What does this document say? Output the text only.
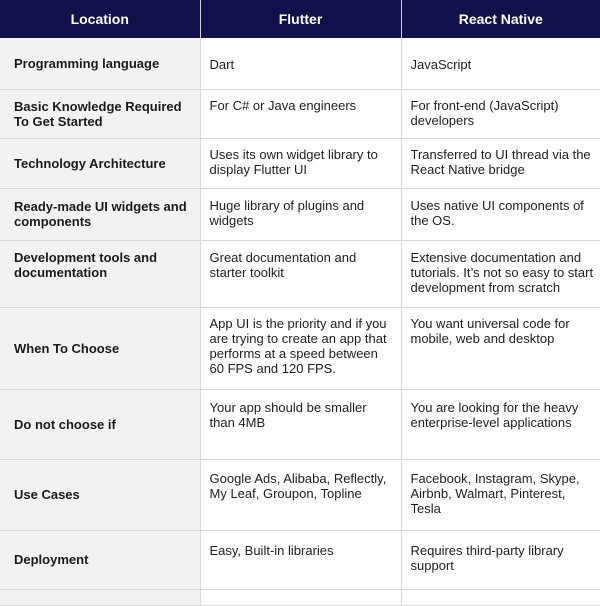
Location	Flutter	React Native
Programming language	Dart	JavaScript

Basic Knowledge Required To Get Started	For C# or Java engineers	For front-end (JavaScript) developers

Technology Architecture	Uses its own widget library to display Flutter UI	Transferred to UI thread via the React Native bridge

Ready-made UI widgets and components	Huge library of plugins and widgets	Uses native UI components of the OS.

Development tools and documentation	Great documentation and starter toolkit	Extensive documentation and tutorials. It’s not so easy to start development from scratch

When To Choose	App UI is the priority and if you are trying to create an app that performs at a speed between 60 FPS and 120 FPS.	You want universal code for mobile, web and desktop

Do not choose if	Your app should be smaller than 4MB	You are looking for the heavy enterprise-level applications

Use Cases	Google Ads, Alibaba, Reflectly, My Leaf, Groupon, Topline	Facebook, Instagram, Skype, Airbnb, Walmart, Pinterest, Tesla

Deployment	Easy, Built-in libraries	Requires third-party library support
